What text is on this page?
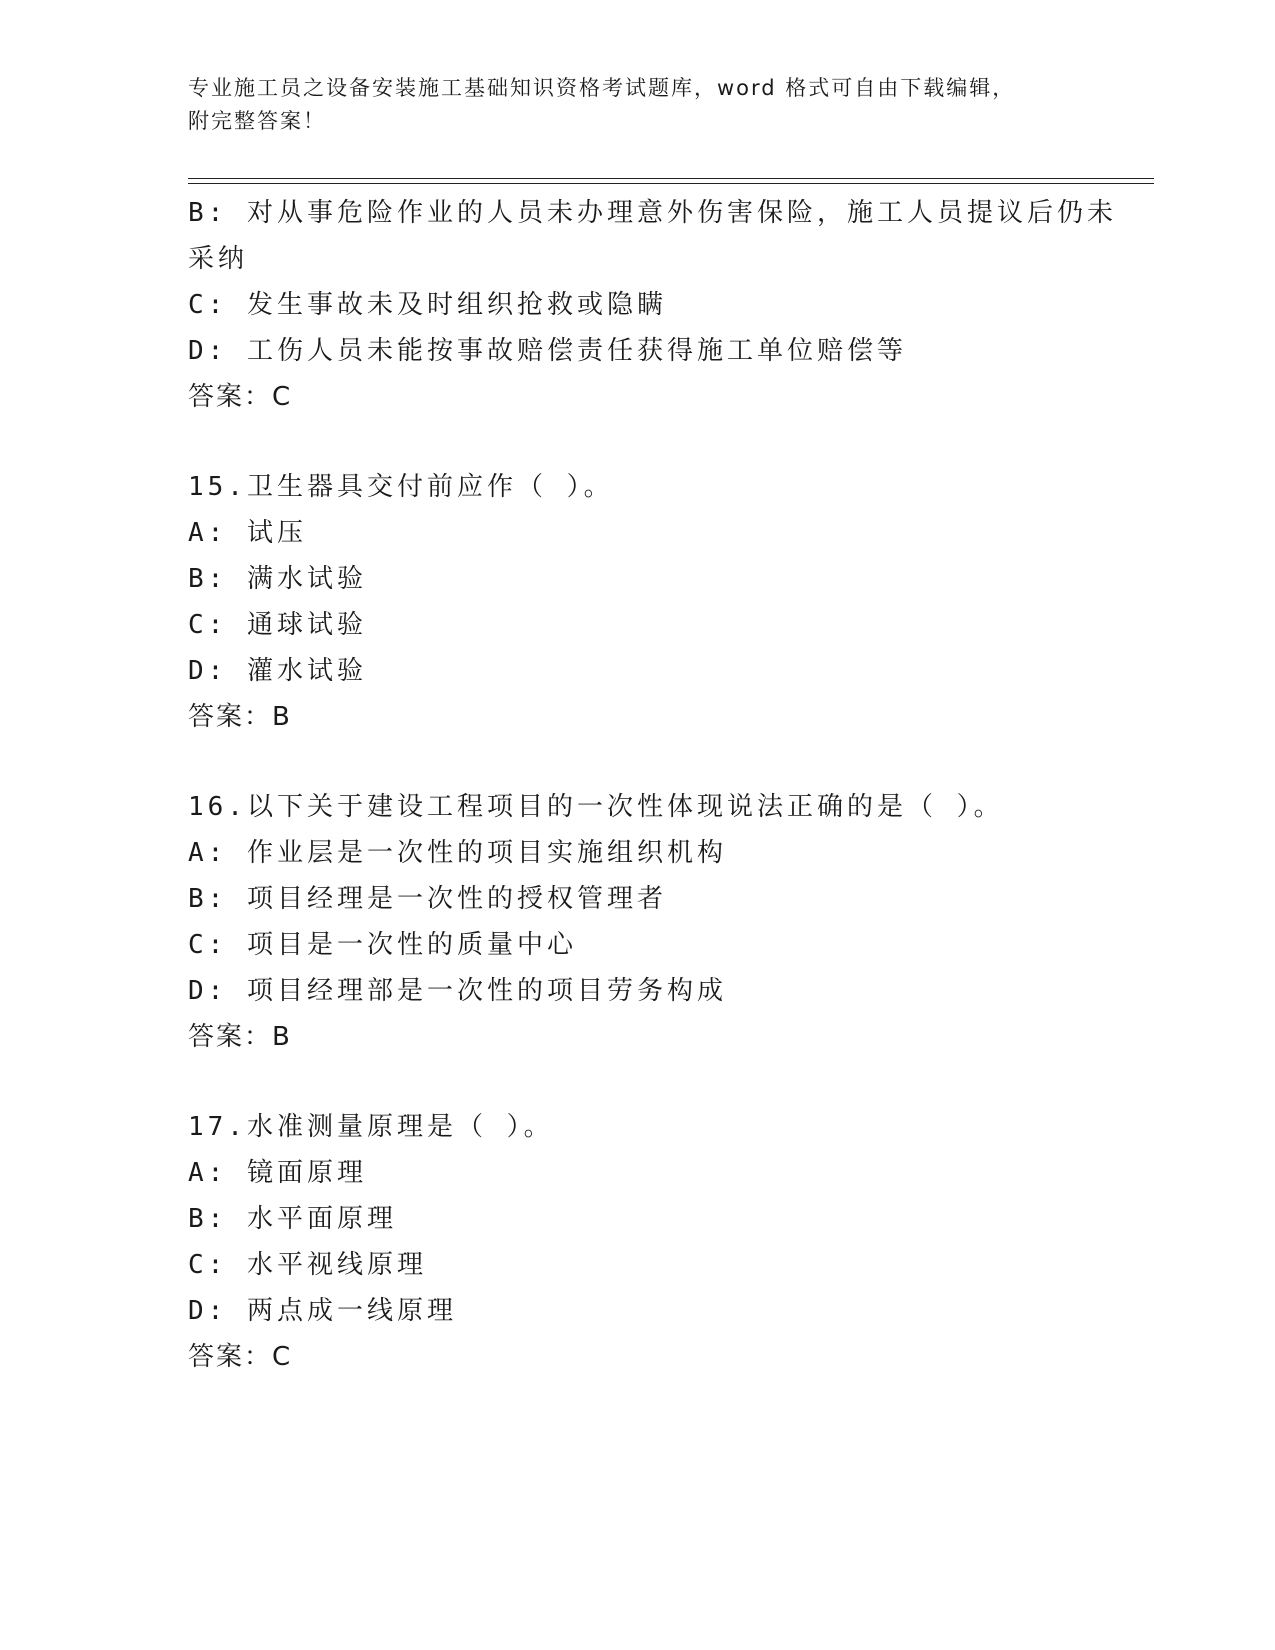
专业施工员之设备安装施工基础知识资格考试题库，word 格式可自由下载编辑，
附完整答案！
B: 对从事危险作业的人员未办理意外伤害保险，施工人员提议后仍未
采纳
C: 发生事故未及时组织抢救或隐瞒
D: 工伤人员未能按事故赔偿责任获得施工单位赔偿等
答案：C
15.卫生器具交付前应作（ ）。
A: 试压
B: 满水试验
C: 通球试验
D: 灌水试验
答案：B
16.以下关于建设工程项目的一次性体现说法正确的是（ ）。
A: 作业层是一次性的项目实施组织机构
B: 项目经理是一次性的授权管理者
C: 项目是一次性的质量中心
D: 项目经理部是一次性的项目劳务构成
答案：B
17.水准测量原理是（ ）。
A: 镜面原理
B: 水平面原理
C: 水平视线原理
D: 两点成一线原理
答案：C
